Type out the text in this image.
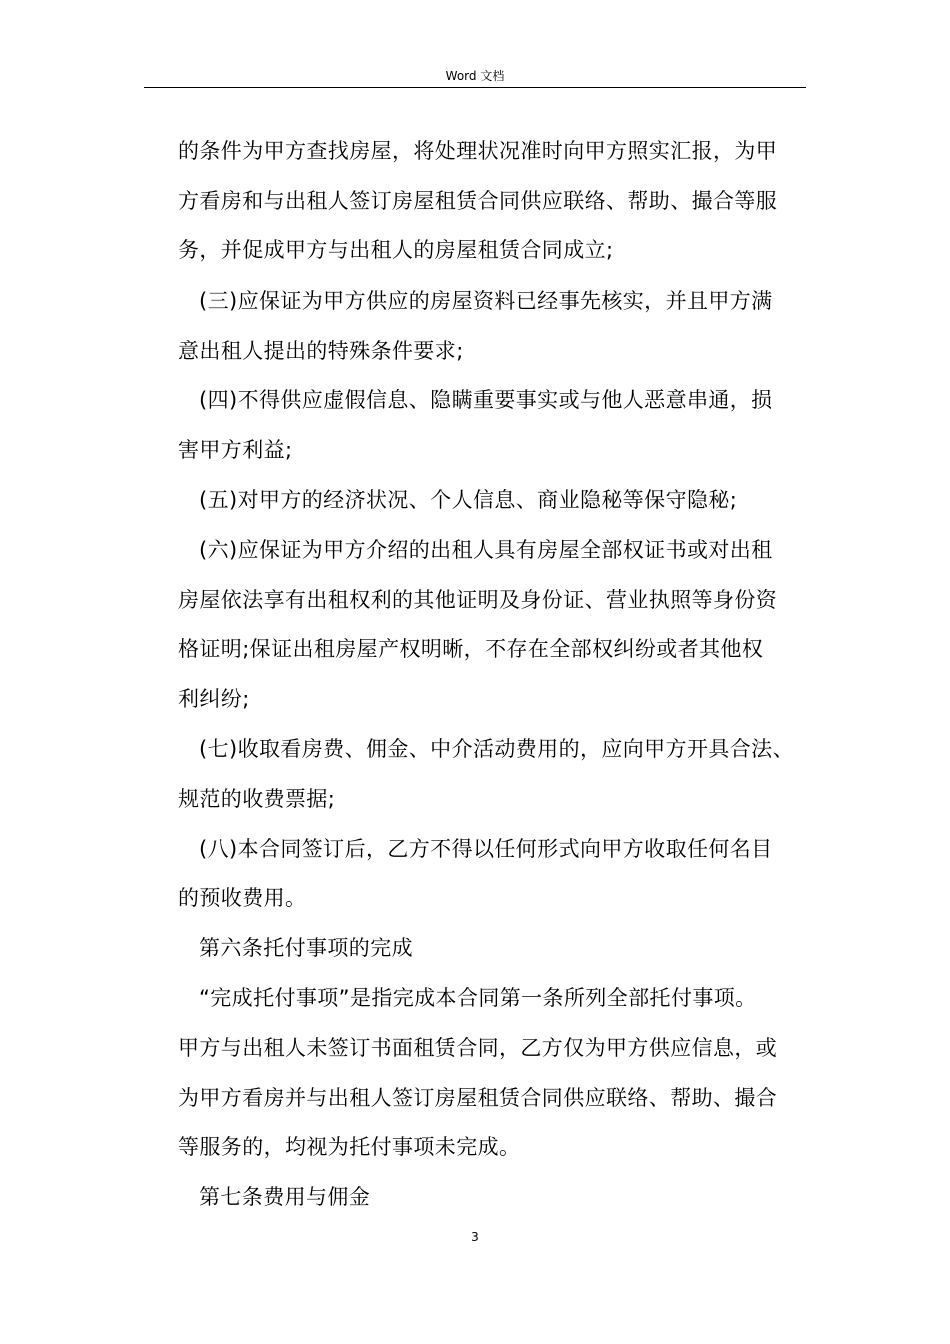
Word 文档
的条件为甲方查找房屋，将处理状况准时向甲方照实汇报，为甲
方看房和与出租人签订房屋租赁合同供应联络、帮助、撮合等服
务，并促成甲方与出租人的房屋租赁合同成立;
(三)应保证为甲方供应的房屋资料已经事先核实，并且甲方满
意出租人提出的特殊条件要求;
(四)不得供应虚假信息、隐瞒重要事实或与他人恶意串通，损
害甲方利益;
(五)对甲方的经济状况、个人信息、商业隐秘等保守隐秘;
(六)应保证为甲方介绍的出租人具有房屋全部权证书或对出租
房屋依法享有出租权利的其他证明及身份证、营业执照等身份资
格证明;保证出租房屋产权明晰，不存在全部权纠纷或者其他权
利纠纷;
(七)收取看房费、佣金、中介活动费用的，应向甲方开具合法、
规范的收费票据;
(八)本合同签订后，乙方不得以任何形式向甲方收取任何名目
的预收费用。
第六条托付事项的完成
“完成托付事项”是指完成本合同第一条所列全部托付事项。
甲方与出租人未签订书面租赁合同，乙方仅为甲方供应信息，或
为甲方看房并与出租人签订房屋租赁合同供应联络、帮助、撮合
等服务的，均视为托付事项未完成。
第七条费用与佣金
3
